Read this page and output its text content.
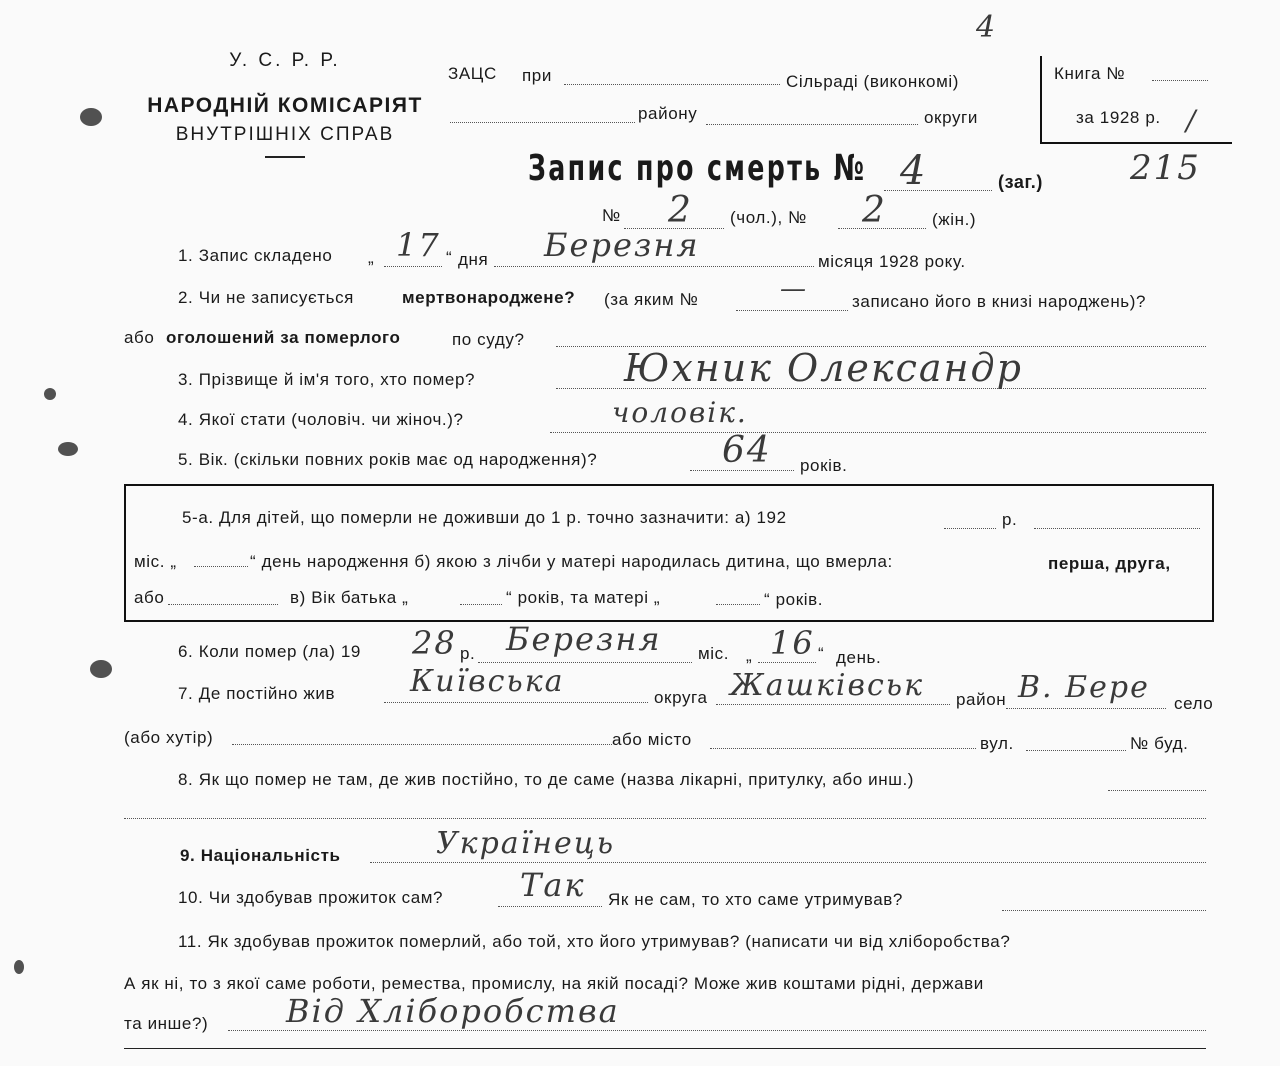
У. С. Р. Р.
НАРОДНІЙ КОМІСАРІЯТ
ВНУТРІШНІХ СПРАВ
ЗАЦС при	Сільраді (виконкомі)
району	округи
Книга №
за 1928 р. /
4
215
Запис про смерть № 4	(заг.)
№ 2 (чол.), № 2	(жін.)
1. Запис складено „ 17 “ дня Березня	місяця 1928 року.
2. Чи не записується	мертвонароджене? (за яким №	—	записано його в книзі народжень)?
або оголошений за померлого	по суду?
3. Прізвище й ім'я того, хто помер?	Юхник Олександр
4. Якої стати (чоловіч. чи жіноч.)?	чоловік.
5. Вік. (скільки повних років має од народження)?	64 років.
5-а. Для дітей, що померли не доживши до 1 р. точно зазначити: а) 192	р.
міс. „	“ день народження б) якою з лічби у матері народилась дитина, що вмерла:	перша, друга,
або	в) Вік батька „	“ років, та матері „	“ років.
6. Коли помер (ла) 19 28 р. Березня міс. „ 16 “ день.
7. Де постійно жив Київська	округа Жашківськ район В. Бере село
(або хутір)	або місто	вул.	№ буд.
8. Як що помер не там, де жив постійно, то де саме (назва лікарні, притулку, або инш.)
9. Національність	Українець
10. Чи здобував прожиток сам? Так Як не сам, то хто саме утримував?
11. Як здобував прожиток померлий, або той, хто його утримував? (написати чи від хліборобства?
А як ні, то з якої саме роботи, ремества, промислу, на якій посаді? Може жив коштами рідні, держави
та инше?) Від Хліборобства
